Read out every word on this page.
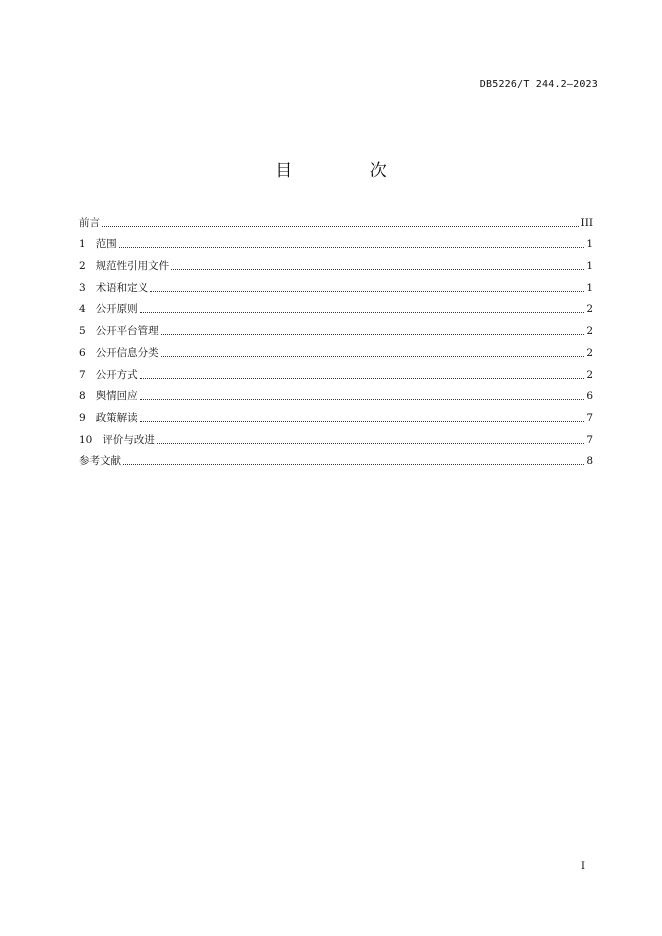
DB5226/T 244.2—2023
目 次
前言	III
1 范围	1
2 规范性引用文件	1
3 术语和定义	1
4 公开原则	2
5 公开平台管理	2
6 公开信息分类	2
7 公开方式	2
8 舆情回应	6
9 政策解读	7
10 评价与改进	7
参考文献	8
I
